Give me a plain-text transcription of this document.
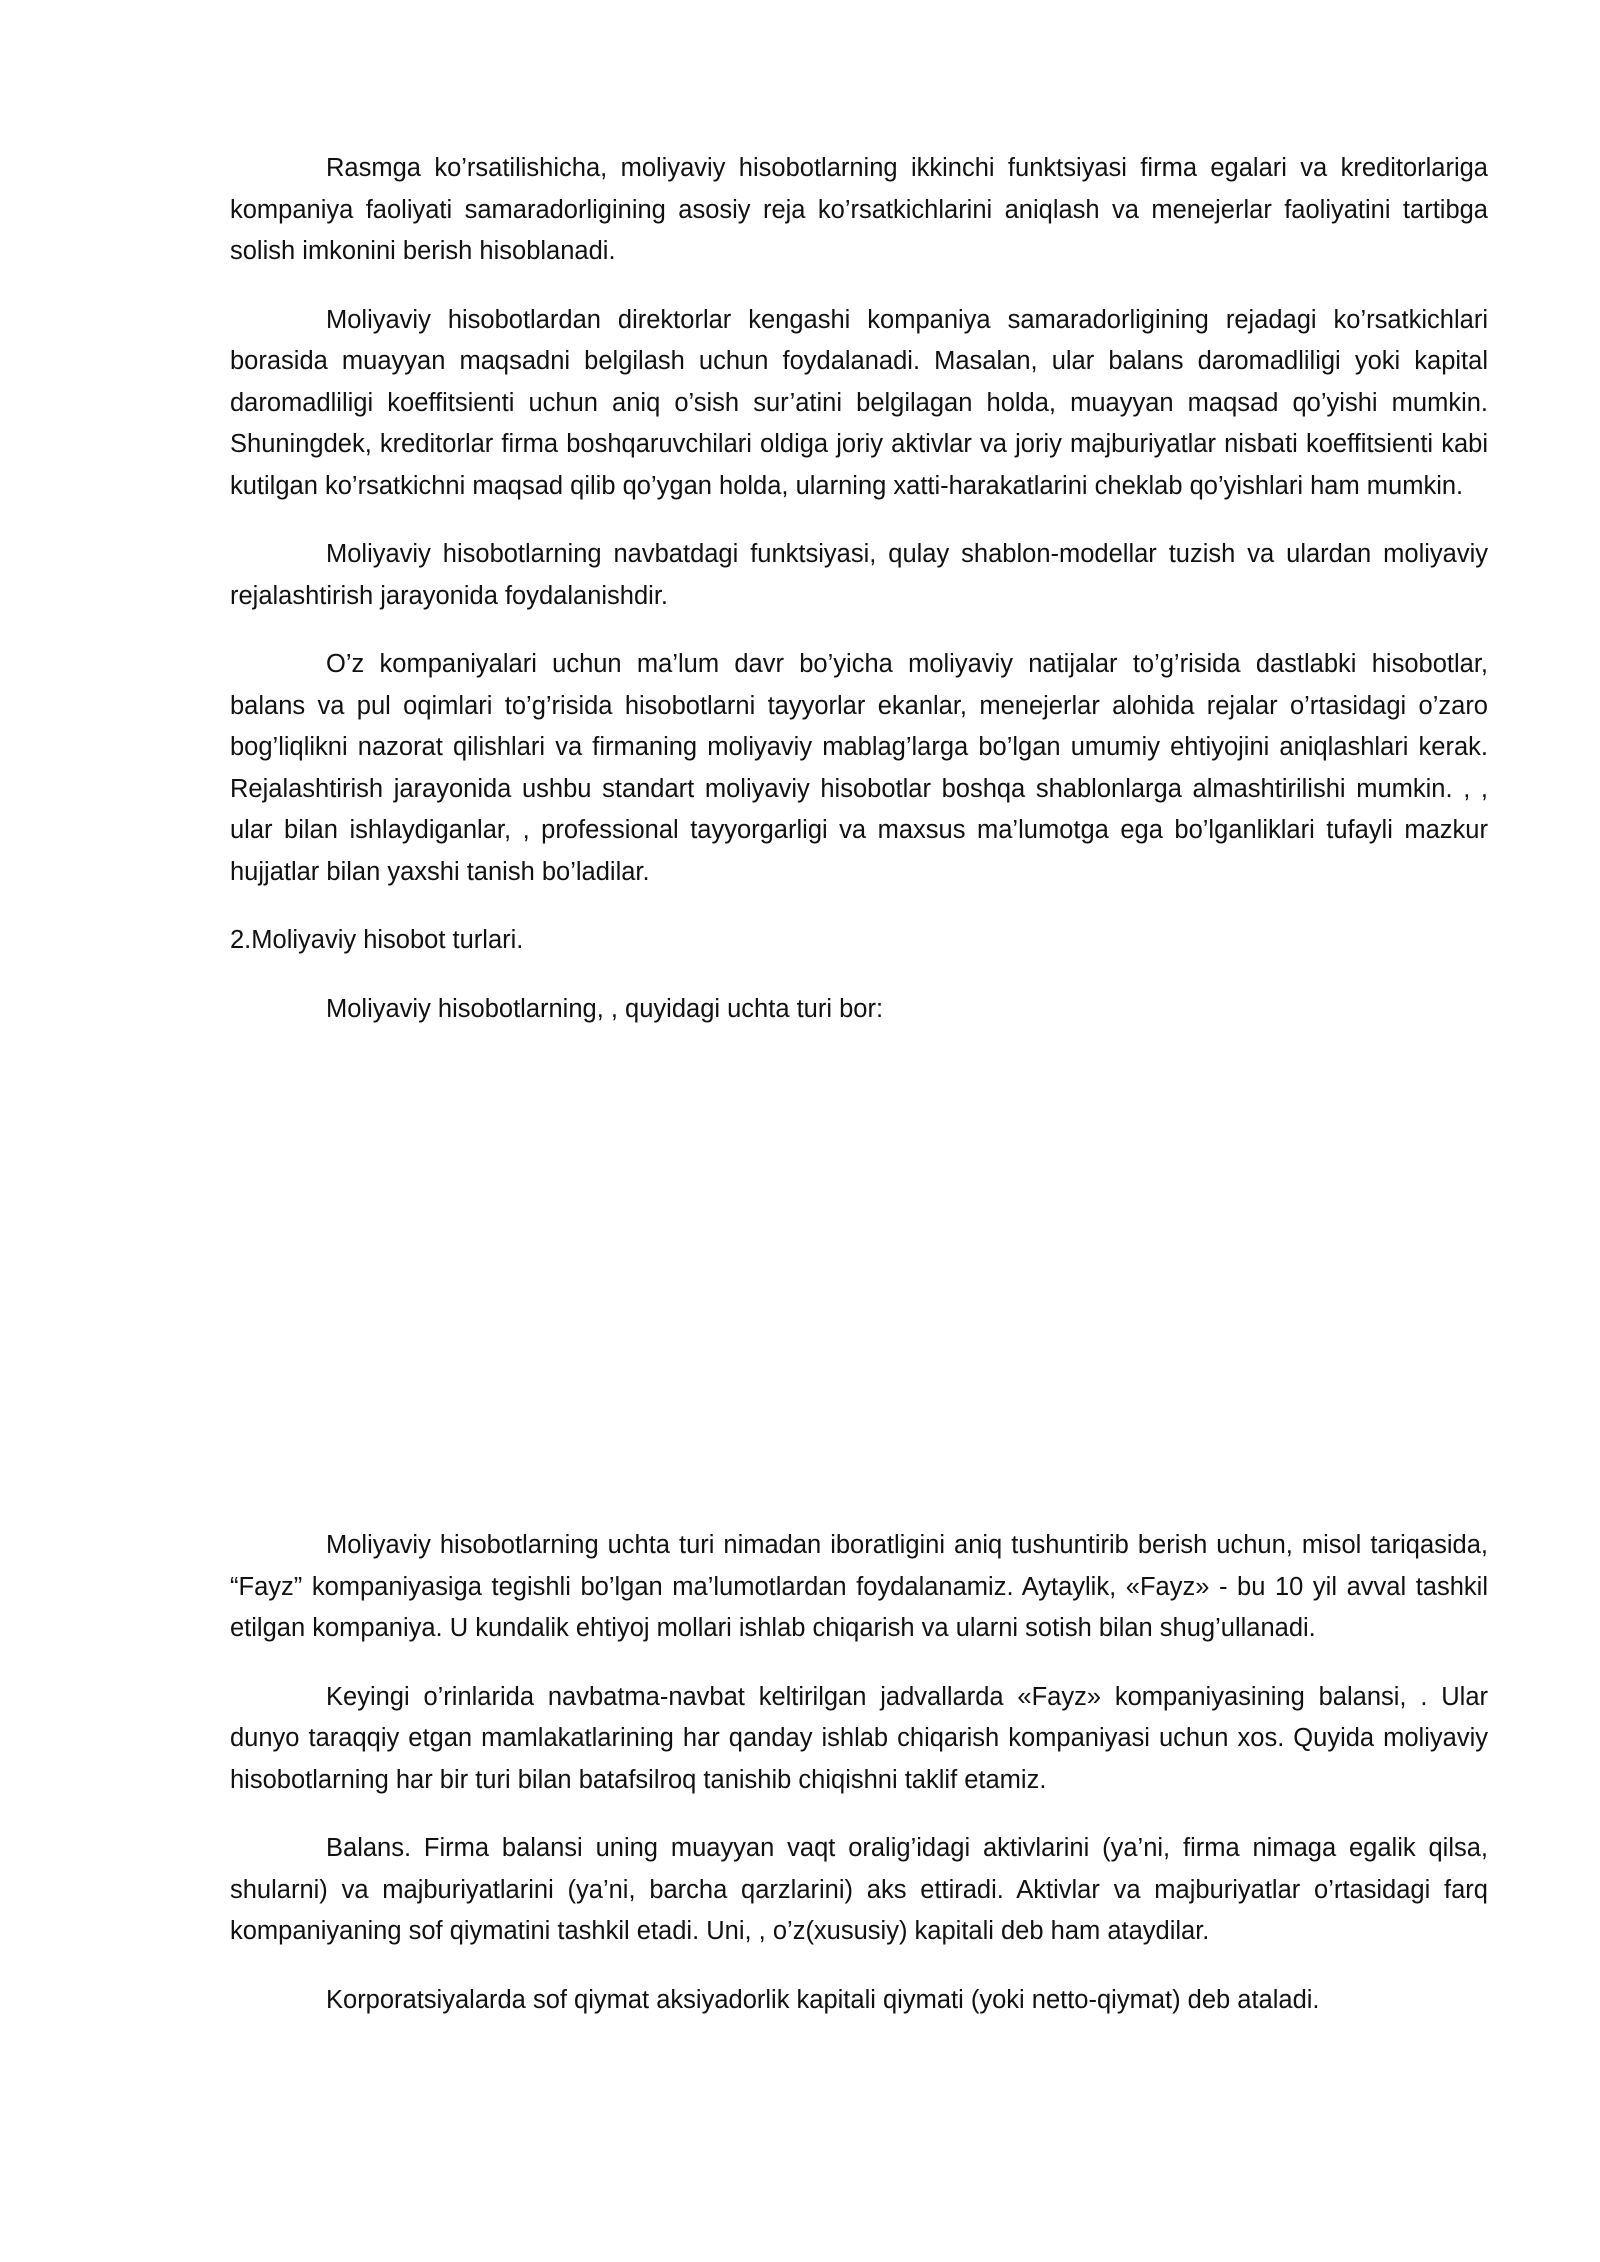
Rasmga ko’rsatilishicha, moliyaviy hisobotlarning ikkinchi funktsiyasi firma egalari va kreditorlariga kompaniya faoliyati samaradorligining asosiy reja ko’rsatkichlarini aniqlash va menejerlar faoliyatini tartibga solish imkonini berish hisoblanadi.

Moliyaviy hisobotlardan direktorlar kengashi kompaniya samaradorligining rejadagi ko’rsatkichlari borasida muayyan maqsadni belgilash uchun foydalanadi. Masalan, ular balans daromadliligi yoki kapital daromadliligi koeffitsienti uchun aniq o’sish sur’atini belgilagan holda, muayyan maqsad qo’yishi mumkin. Shuningdek, kreditorlar firma boshqaruvchilari oldiga joriy aktivlar va joriy majburiyatlar nisbati koeffitsienti kabi kutilgan ko’rsatkichni maqsad qilib qo’ygan holda, ularning xatti-harakatlarini cheklab qo’yishlari ham mumkin.

Moliyaviy hisobotlarning navbatdagi funktsiyasi, qulay shablon-modellar tuzish va ulardan moliyaviy rejalashtirish jarayonida foydalanishdir.

O’z kompaniyalari uchun ma’lum davr bo’yicha moliyaviy natijalar to’g’risida dastlabki hisobotlar, balans va pul oqimlari to’g’risida hisobotlarni tayyorlar ekanlar, menejerlar alohida rejalar o’rtasidagi o’zaro bog’liqlikni nazorat qilishlari va firmaning moliyaviy mablag’larga bo’lgan umumiy ehtiyojini aniqlashlari kerak. Rejalashtirish jarayonida ushbu standart moliyaviy hisobotlar boshqa shablonlarga almashtirilishi mumkin. , , ular bilan ishlaydiganlar, , professional tayyorgarligi va maxsus ma’lumotga ega bo’lganliklari tufayli mazkur hujjatlar bilan yaxshi tanish bo’ladilar.

2.Moliyaviy hisobot turlari.

Moliyaviy hisobotlarning, , quyidagi uchta turi bor:

Moliyaviy hisobotlarning uchta turi nimadan iboratligini aniq tushuntirib berish uchun, misol tariqasida, “Fayz” kompaniyasiga tegishli bo’lgan ma’lumotlardan foydalanamiz. Aytaylik, «Fayz» - bu 10 yil avval tashkil etilgan kompaniya. U kundalik ehtiyoj mollari ishlab chiqarish va ularni sotish bilan shug’ullanadi.

Keyingi o’rinlarida navbatma-navbat keltirilgan jadvallarda «Fayz» kompaniyasining balansi, . Ular dunyo taraqqiy etgan mamlakatlarining har qanday ishlab chiqarish kompaniyasi uchun xos. Quyida moliyaviy hisobotlarning har bir turi bilan batafsilroq tanishib chiqishni taklif etamiz.

Balans. Firma balansi uning muayyan vaqt oralig’idagi aktivlarini (ya’ni, firma nimaga egalik qilsa, shularni) va majburiyatlarini (ya’ni, barcha qarzlarini) aks ettiradi. Aktivlar va majburiyatlar o’rtasidagi farq kompaniyaning sof qiymatini tashkil etadi. Uni, , o’z(xususiy) kapitali deb ham ataydilar.

Korporatsiyalarda sof qiymat aksiyadorlik kapitali qiymati (yoki netto-qiymat) deb ataladi.
